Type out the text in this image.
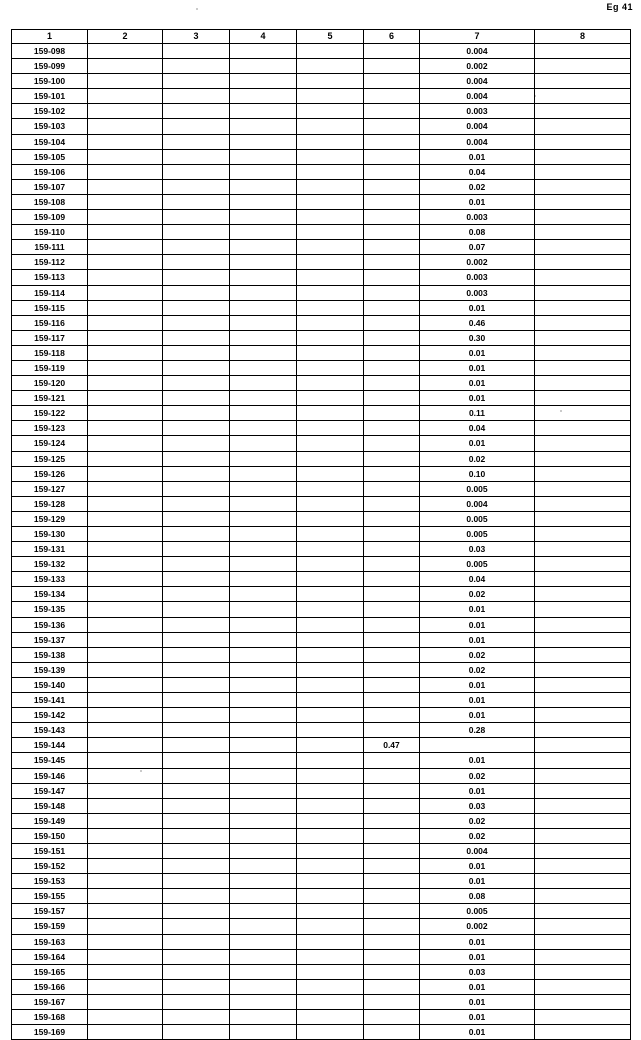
Eg 41
1	2	3	4	5	6	7	8
159-098						0.004	
159-099						0.002	
159-100						0.004	
159-101						0.004	
159-102						0.003	
159-103						0.004	
159-104						0.004	
159-105						0.01	
159-106						0.04	
159-107						0.02	
159-108						0.01	
159-109						0.003	
159-110						0.08	
159-111						0.07	
159-112						0.002	
159-113						0.003	
159-114						0.003	
159-115						0.01	
159-116						0.46	
159-117						0.30	
159-118						0.01	
159-119						0.01	
159-120						0.01	
159-121						0.01	
159-122						0.11	
159-123						0.04	
159-124						0.01	
159-125						0.02	
159-126						0.10	
159-127						0.005	
159-128						0.004	
159-129						0.005	
159-130						0.005	
159-131						0.03	
159-132						0.005	
159-133						0.04	
159-134						0.02	
159-135						0.01	
159-136						0.01	
159-137						0.01	
159-138						0.02	
159-139						0.02	
159-140						0.01	
159-141						0.01	
159-142						0.01	
159-143						0.28	
159-144					0.47		
159-145						0.01	
159-146						0.02	
159-147						0.01	
159-148						0.03	
159-149						0.02	
159-150						0.02	
159-151						0.004	
159-152						0.01	
159-153						0.01	
159-155						0.08	
159-157						0.005	
159-159						0.002	
159-163						0.01	
159-164						0.01	
159-165						0.03	
159-166						0.01	
159-167						0.01	
159-168						0.01	
159-169						0.01	
